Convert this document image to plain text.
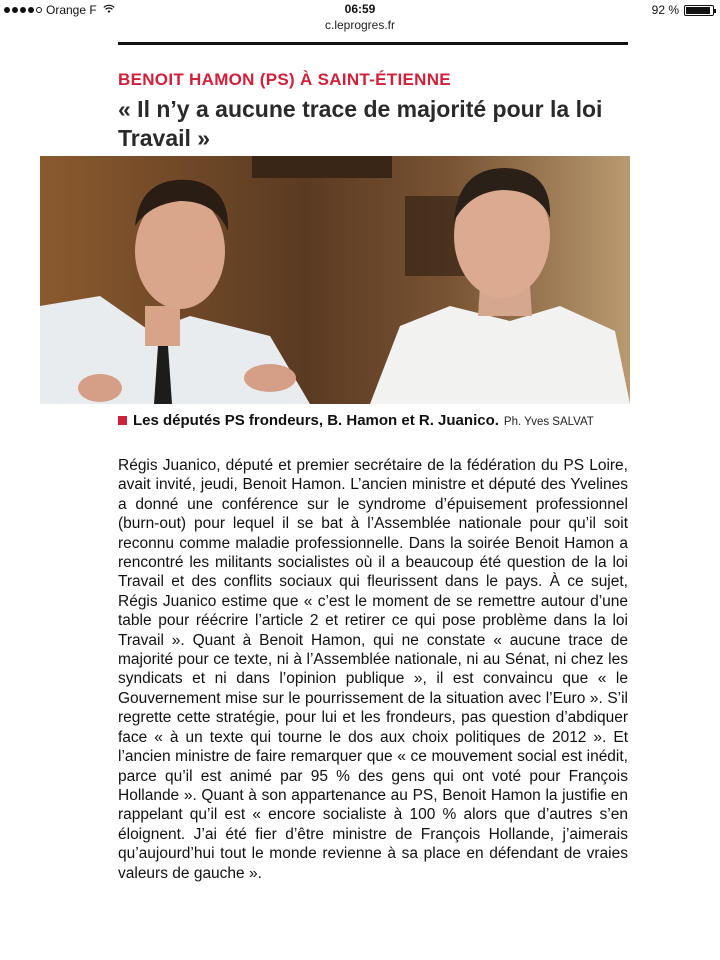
Orange F	06:59	92 %
c.leprogres.fr
BENOIT HAMON (PS) À SAINT-ÉTIENNE
« Il n’y a aucune trace de majorité pour la loi Travail »
Les députés PS frondeurs, B. Hamon et R. Juanico. Ph. Yves SALVAT

Régis Juanico, député et premier secrétaire de la fédération du PS Loire, avait invité, jeudi, Benoit Hamon. L’ancien ministre et député des Yvelines a donné une conférence sur le syndrome d’épuisement professionnel (burn-out) pour lequel il se bat à l’Assemblée nationale pour qu’il soit reconnu comme maladie professionnelle. Dans la soirée Benoit Hamon a rencontré les militants socialistes où il a beaucoup été question de la loi Travail et des conflits sociaux qui fleurissent dans le pays. À ce sujet, Régis Juanico estime que « c’est le moment de se remettre autour d’une table pour réécrire l’article 2 et retirer ce qui pose problème dans la loi Travail ». Quant à Benoit Hamon, qui ne constate « aucune trace de majorité pour ce texte, ni à l’Assemblée nationale, ni au Sénat, ni chez les syndicats et ni dans l’opinion publique », il est convaincu que « le Gouvernement mise sur le pourrissement de la situation avec l’Euro ». S’il regrette cette stratégie, pour lui et les frondeurs, pas question d’abdiquer face « à un texte qui tourne le dos aux choix politiques de 2012 ». Et l’ancien ministre de faire remarquer que « ce mouvement social est inédit, parce qu’il est animé par 95 % des gens qui ont voté pour François Hollande ». Quant à son appartenance au PS, Benoit Hamon la justifie en rappelant qu’il est « encore socialiste à 100 % alors que d’autres s’en éloignent. J’ai été fier d’être ministre de François Hollande, j’aimerais qu’aujourd’hui tout le monde revienne à sa place en défendant de vraies valeurs de gauche ».
